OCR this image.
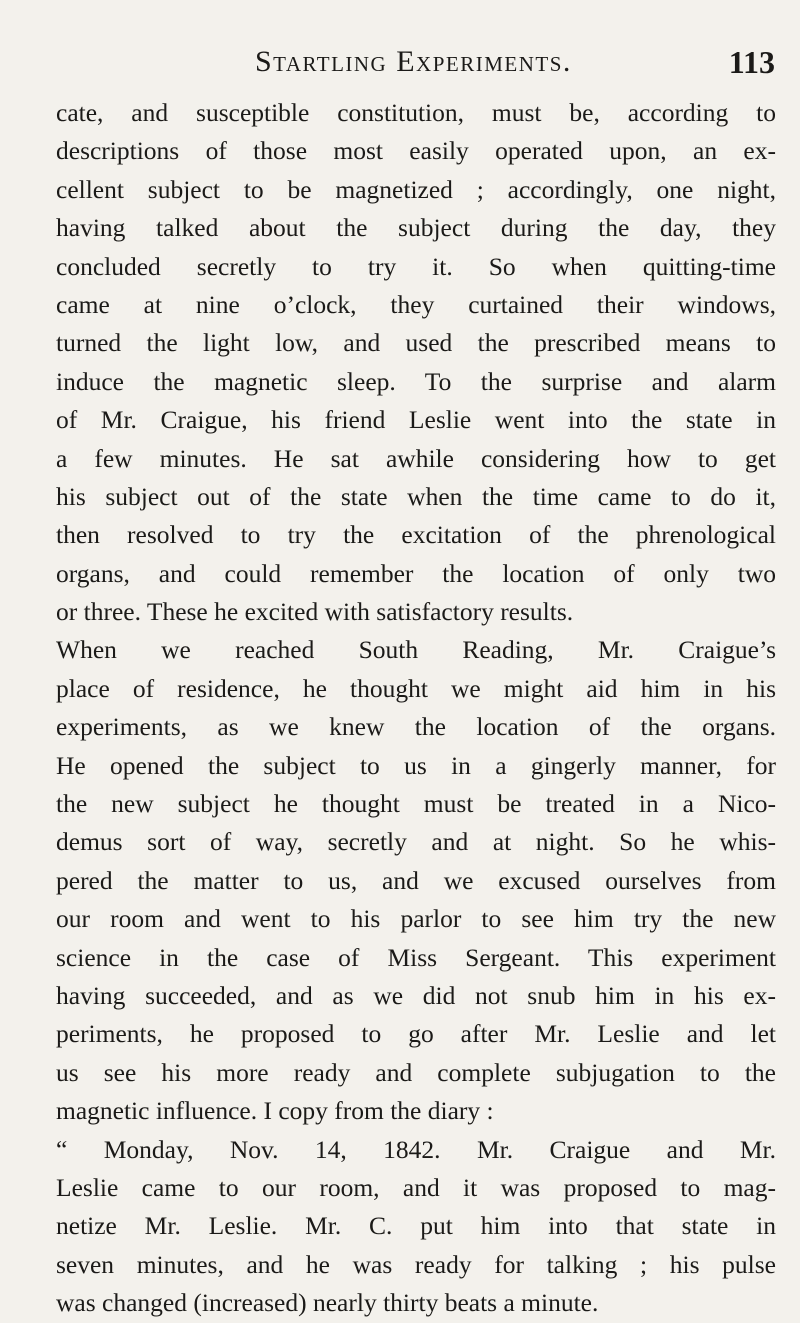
Startling Experiments.	113
cate, and susceptible constitution, must be, according to
descriptions of those most easily operated upon, an ex-
cellent subject to be magnetized ; accordingly, one night,
having talked about the subject during the day, they
concluded secretly to try it. So when quitting-time
came at nine o’clock, they curtained their windows,
turned the light low, and used the prescribed means to
induce the magnetic sleep. To the surprise and alarm
of Mr. Craigue, his friend Leslie went into the state in
a few minutes. He sat awhile considering how to get
his subject out of the state when the time came to do it,
then resolved to try the excitation of the phrenological
organs, and could remember the location of only two
or three. These he excited with satisfactory results.
When we reached South Reading, Mr. Craigue’s
place of residence, he thought we might aid him in his
experiments, as we knew the location of the organs.
He opened the subject to us in a gingerly manner, for
the new subject he thought must be treated in a Nico-
demus sort of way, secretly and at night. So he whis-
pered the matter to us, and we excused ourselves from
our room and went to his parlor to see him try the new
science in the case of Miss Sergeant. This experiment
having succeeded, and as we did not snub him in his ex-
periments, he proposed to go after Mr. Leslie and let
us see his more ready and complete subjugation to the
magnetic influence. I copy from the diary :
“ Monday, Nov. 14, 1842. Mr. Craigue and Mr.
Leslie came to our room, and it was proposed to mag-
netize Mr. Leslie. Mr. C. put him into that state in
seven minutes, and he was ready for talking ; his pulse
was changed (increased) nearly thirty beats a minute.
